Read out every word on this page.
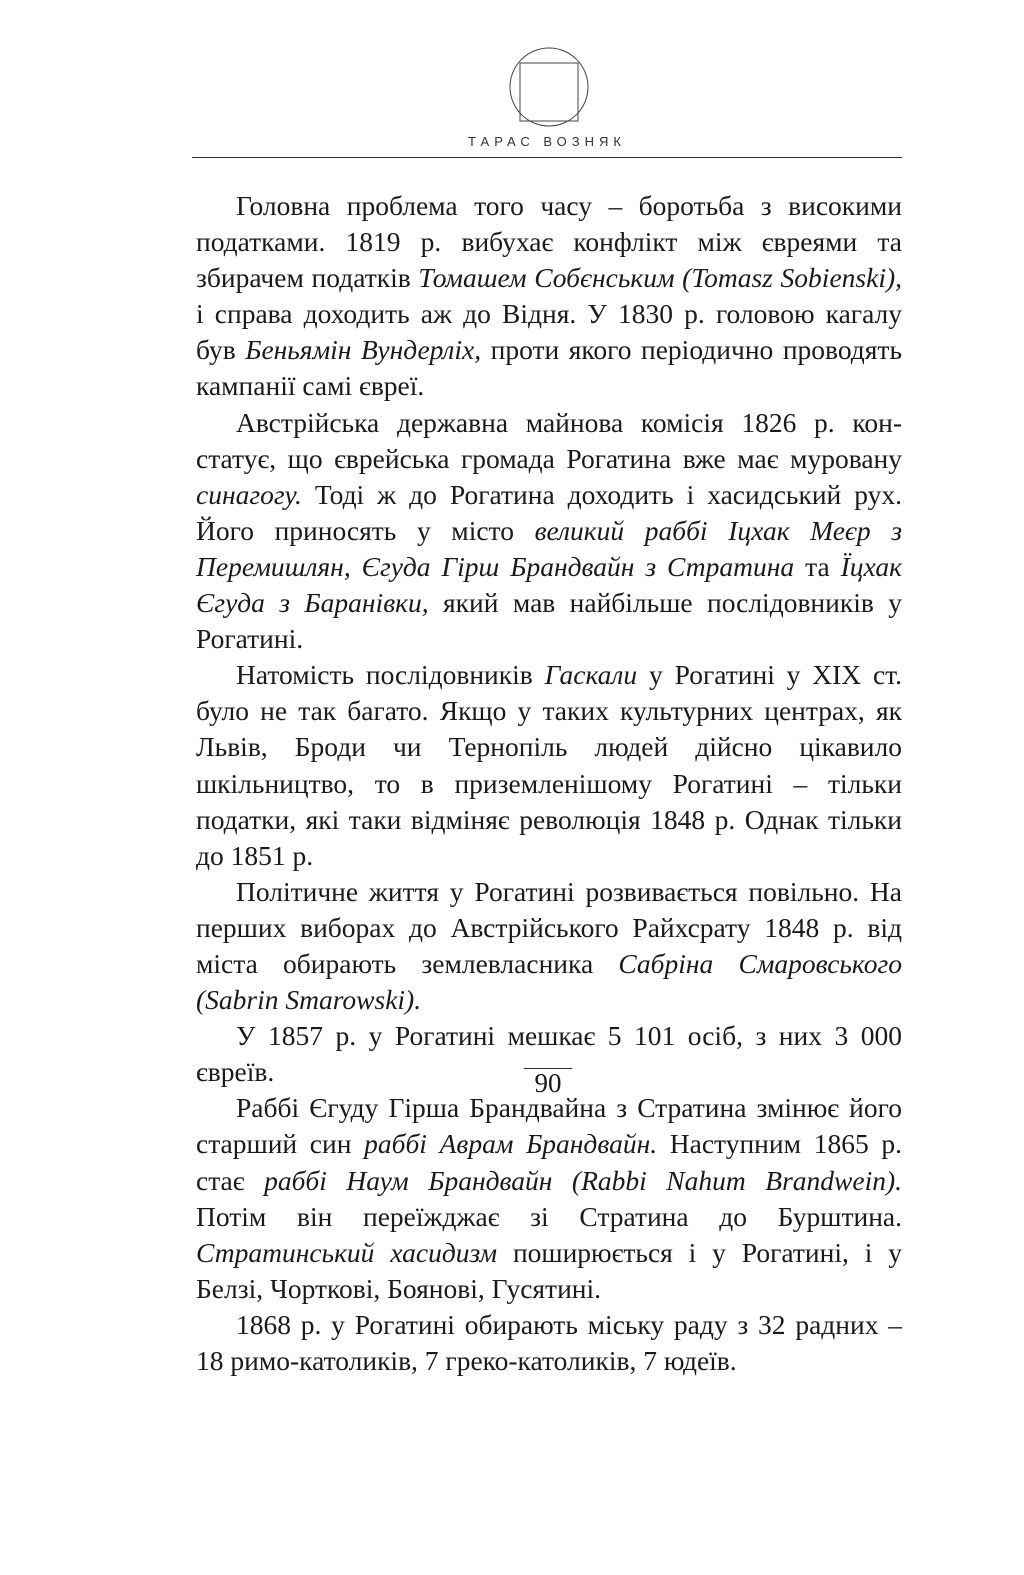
ТАРАС ВОЗНЯК

Головна проблема того часу – боротьба з високими податками. 1819 р. вибухає конфлікт між євреями та збирачем податків Томашем Собєнським (Tomasz Sobienski), і справа доходить аж до Відня. У 1830 р. головою кагалу був Беньямін Вундерліх, проти якого періодично проводять кампанії самі євреї.

Австрійська державна майнова комісія 1826 р. констатує, що єврейська громада Рогатина вже має муровану синагогу. Тоді ж до Рогатина доходить і хасидський рух. Його приносять у місто великий раббі Іцхак Меєр з Перемишлян, Єгуда Гірш Брандвайн з Стратина та Їцхак Єгуда з Баранівки, який мав найбільше послідовників у Рогатині.

Натомість послідовників Гаскали у Рогатині у XIX ст. було не так багато. Якщо у таких культурних центрах, як Львів, Броди чи Тернопіль людей дійсно цікавило шкільництво, то в приземленішому Рогатині – тільки податки, які таки відміняє революція 1848 р. Однак тільки до 1851 р.

Політичне життя у Рогатині розвивається повільно. На перших виборах до Австрійського Райхсрату 1848 р. від міста обирають землевласника Сабріна Смаровського (Sabrin Smarowski).

У 1857 р. у Рогатині мешкає 5 101 осіб, з них 3 000 євреїв.

Раббі Єгуду Гірша Брандвайна з Стратина змінює його старший син раббі Аврам Брандвайн. Наступним 1865 р. стає раббі Наум Брандвайн (Rabbi Nahum Brandwein). Потім він переїжджає зі Стратина до Бурштина. Стратинський хасидизм поширюється і у Рогатині, і у Белзі, Чорткові, Боянові, Гусятині.

1868 р. у Рогатині обирають міську раду з 32 радних – 18 римо-католиків, 7 греко-католиків, 7 юдеїв.

90
